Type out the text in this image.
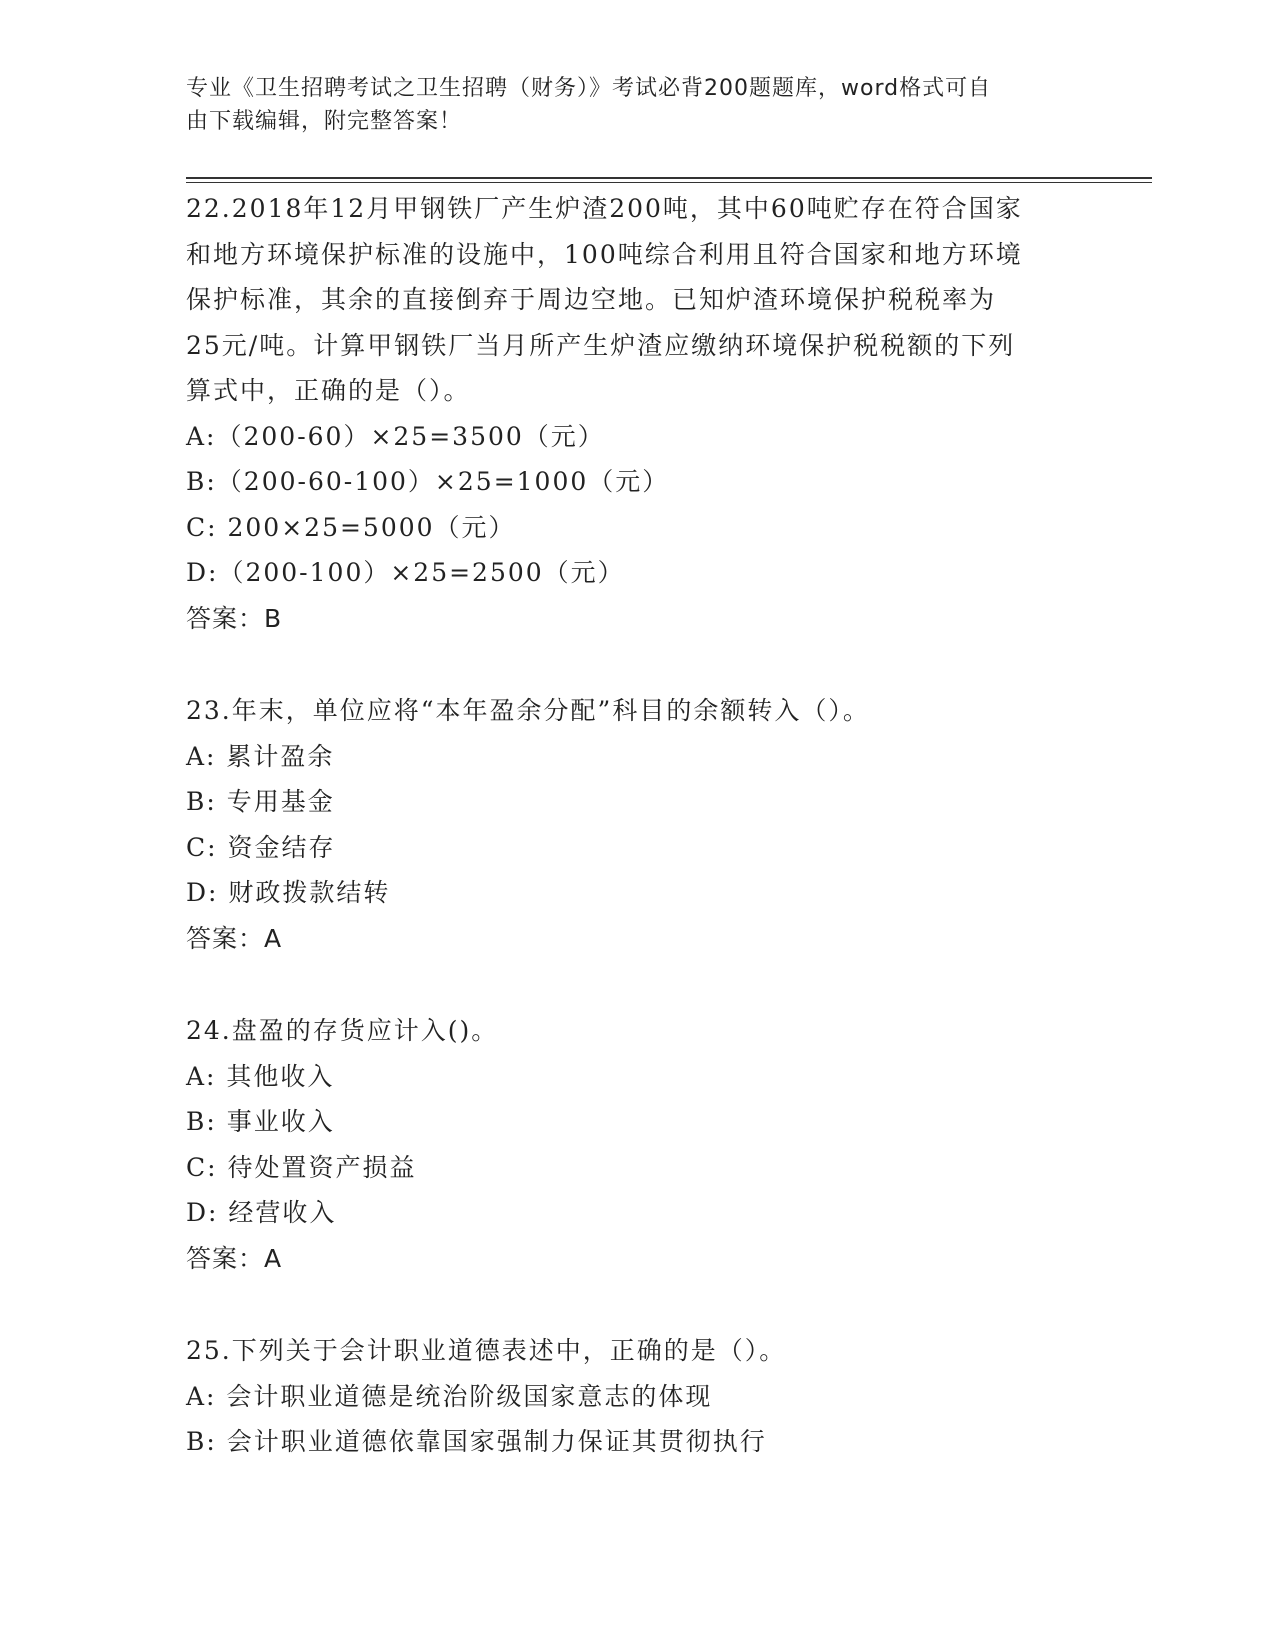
专业《卫生招聘考试之卫生招聘（财务）》考试必背200题题库，word格式可自
由下载编辑，附完整答案！
22.2018年12月甲钢铁厂产生炉渣200吨，其中60吨贮存在符合国家
和地方环境保护标准的设施中，100吨综合利用且符合国家和地方环境
保护标准，其余的直接倒弃于周边空地。已知炉渣环境保护税税率为
25元/吨。计算甲钢铁厂当月所产生炉渣应缴纳环境保护税税额的下列
算式中，正确的是（）。
A:（200-60）×25=3500（元）
B:（200-60-100）×25=1000（元）
C: 200×25=5000（元）
D:（200-100）×25=2500（元）
答案：B
23.年末，单位应将“本年盈余分配”科目的余额转入（）。
A: 累计盈余
B: 专用基金
C: 资金结存
D: 财政拨款结转
答案：A
24.盘盈的存货应计入()。
A: 其他收入
B: 事业收入
C: 待处置资产损益
D: 经营收入
答案：A
25.下列关于会计职业道德表述中，正确的是（）。
A: 会计职业道德是统治阶级国家意志的体现
B: 会计职业道德依靠国家强制力保证其贯彻执行
